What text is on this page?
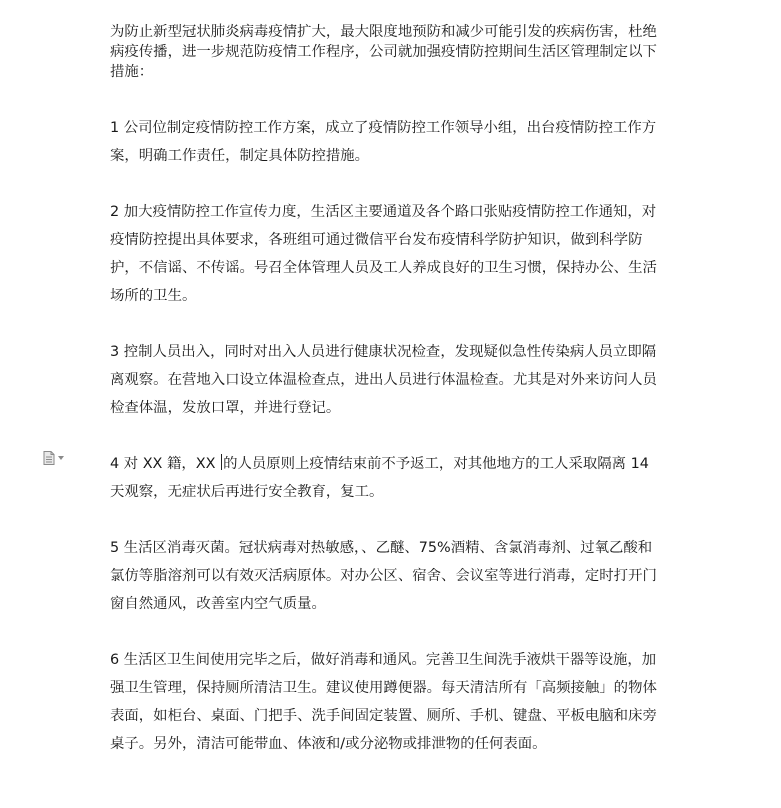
为防止新型冠状肺炎病毒疫情扩大，最大限度地预防和减少可能引发的疾病伤害，杜绝病疫传播，进一步规范防疫情工作程序，公司就加强疫情防控期间生活区管理制定以下措施：

1 公司位制定疫情防控工作方案，成立了疫情防控工作领导小组，出台疫情防控工作方案，明确工作责任，制定具体防控措施。

2 加大疫情防控工作宣传力度，生活区主要通道及各个路口张贴疫情防控工作通知，对疫情防控提出具体要求，各班组可通过微信平台发布疫情科学防护知识，做到科学防护，不信谣、不传谣。号召全体管理人员及工人养成良好的卫生习惯，保持办公、生活场所的卫生。

3 控制人员出入，同时对出入人员进行健康状况检查，发现疑似急性传染病人员立即隔离观察。在营地入口设立体温检查点，进出人员进行体温检查。尤其是对外来访问人员检查体温，发放口罩，并进行登记。

4 对 XX 籍，XX 的人员原则上疫情结束前不予返工，对其他地方的工人采取隔离 14 天观察，无症状后再进行安全教育，复工。

5 生活区消毒灭菌。冠状病毒对热敏感，、乙醚、75%酒精、含氯消毒剂、过氧乙酸和氯仿等脂溶剂可以有效灭活病原体。对办公区、宿舍、会议室等进行消毒，定时打开门窗自然通风，改善室内空气质量。

6 生活区卫生间使用完毕之后，做好消毒和通风。完善卫生间洗手液烘干器等设施，加强卫生管理，保持厕所清洁卫生。建议使用蹲便器。每天清洁所有「高频接触」的物体表面，如柜台、桌面、门把手、洗手间固定装置、厕所、手机、键盘、平板电脑和床旁桌子。另外，清洁可能带血、体液和/或分泌物或排泄物的任何表面。
